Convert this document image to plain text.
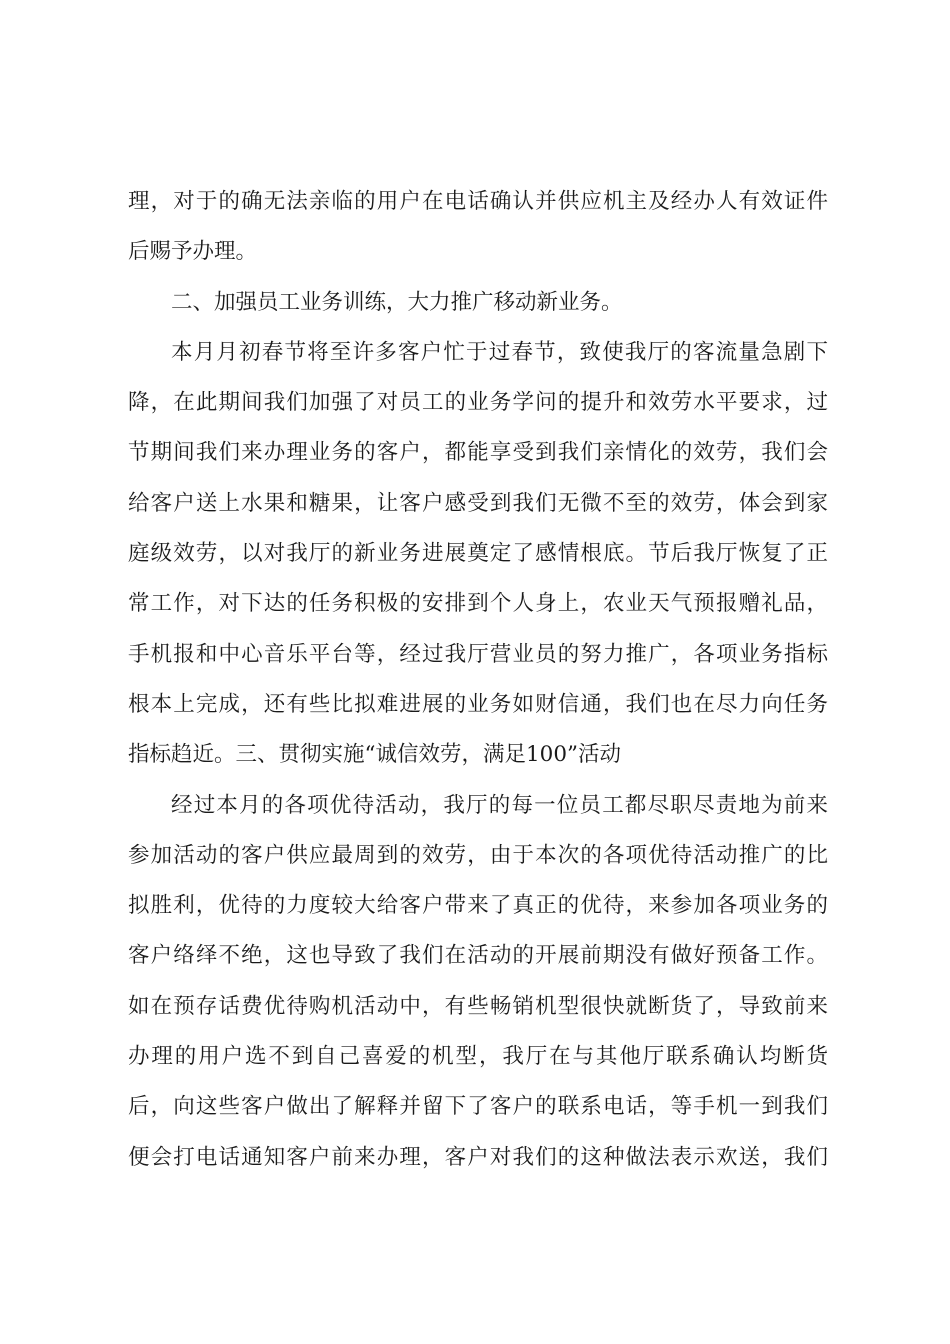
理，对于的确无法亲临的用户在电话确认并供应机主及经办人有效证件
后赐予办理。
二、加强员工业务训练，大力推广移动新业务。
本月月初春节将至许多客户忙于过春节，致使我厅的客流量急剧下
降，在此期间我们加强了对员工的业务学问的提升和效劳水平要求，过
节期间我们来办理业务的客户，都能享受到我们亲情化的效劳，我们会
给客户送上水果和糖果，让客户感受到我们无微不至的效劳，体会到家
庭级效劳，以对我厅的新业务进展奠定了感情根底。节后我厅恢复了正
常工作，对下达的任务积极的安排到个人身上，农业天气预报赠礼品，
手机报和中心音乐平台等，经过我厅营业员的努力推广，各项业务指标
根本上完成，还有些比拟难进展的业务如财信通，我们也在尽力向任务
指标趋近。三、贯彻实施“诚信效劳，满足100”活动
经过本月的各项优待活动，我厅的每一位员工都尽职尽责地为前来
参加活动的客户供应最周到的效劳，由于本次的各项优待活动推广的比
拟胜利，优待的力度较大给客户带来了真正的优待，来参加各项业务的
客户络绎不绝，这也导致了我们在活动的开展前期没有做好预备工作。
如在预存话费优待购机活动中，有些畅销机型很快就断货了，导致前来
办理的用户选不到自己喜爱的机型，我厅在与其他厅联系确认均断货
后，向这些客户做出了解释并留下了客户的联系电话，等手机一到我们
便会打电话通知客户前来办理，客户对我们的这种做法表示欢送，我们
